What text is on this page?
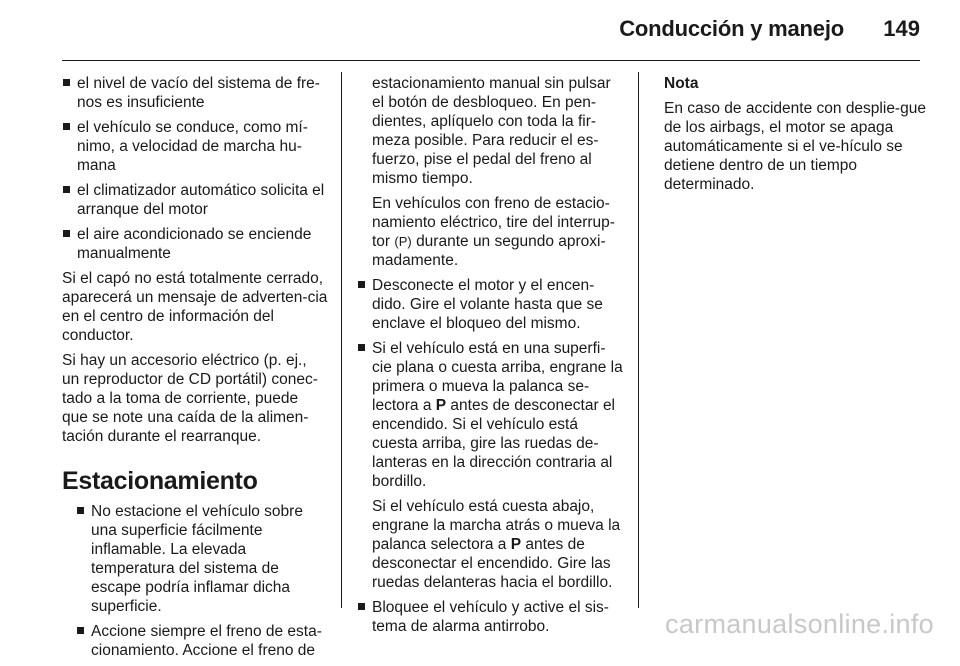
Conducción y manejo 149
el nivel de vacío del sistema de fre-nos es insuficiente
el vehículo se conduce, como mí-nimo, a velocidad de marcha hu-mana
el climatizador automático solicita el arranque del motor
el aire acondicionado se enciende manualmente

Si el capó no está totalmente cerrado, aparecerá un mensaje de adverten-cia en el centro de información del conductor.

Si hay un accesorio eléctrico (p. ej., un reproductor de CD portátil) conec-tado a la toma de corriente, puede que se note una caída de la alimen-tación durante el rearranque.

Estacionamiento
No estacione el vehículo sobre una superficie fácilmente inflamable. La elevada temperatura del sistema de escape podría inflamar dicha superficie.
Accione siempre el freno de esta-cionamiento. Accione el freno de
estacionamiento manual sin pulsar el botón de desbloqueo. En pen-dientes, aplíquelo con toda la fir-meza posible. Para reducir el es-fuerzo, pise el pedal del freno al mismo tiempo.
En vehículos con freno de estacio-namiento eléctrico, tire del interrup-tor (P) durante un segundo aproxi-madamente.
Desconecte el motor y el encen-dido. Gire el volante hasta que se enclave el bloqueo del mismo.
Si el vehículo está en una superfi-cie plana o cuesta arriba, engrane la primera o mueva la palanca se-lectora a P antes de desconectar el encendido. Si el vehículo está cuesta arriba, gire las ruedas de-lanteras en la dirección contraria al bordillo.
Si el vehículo está cuesta abajo, engrane la marcha atrás o mueva la palanca selectora a P antes de desconectar el encendido. Gire las ruedas delanteras hacia el bordillo.
Bloquee el vehículo y active el sis-tema de alarma antirrobo.

Nota

En caso de accidente con desplie-gue de los airbags, el motor se apaga automáticamente si el ve-hículo se detiene dentro de un tiempo determinado.

carmanualsonline.info
